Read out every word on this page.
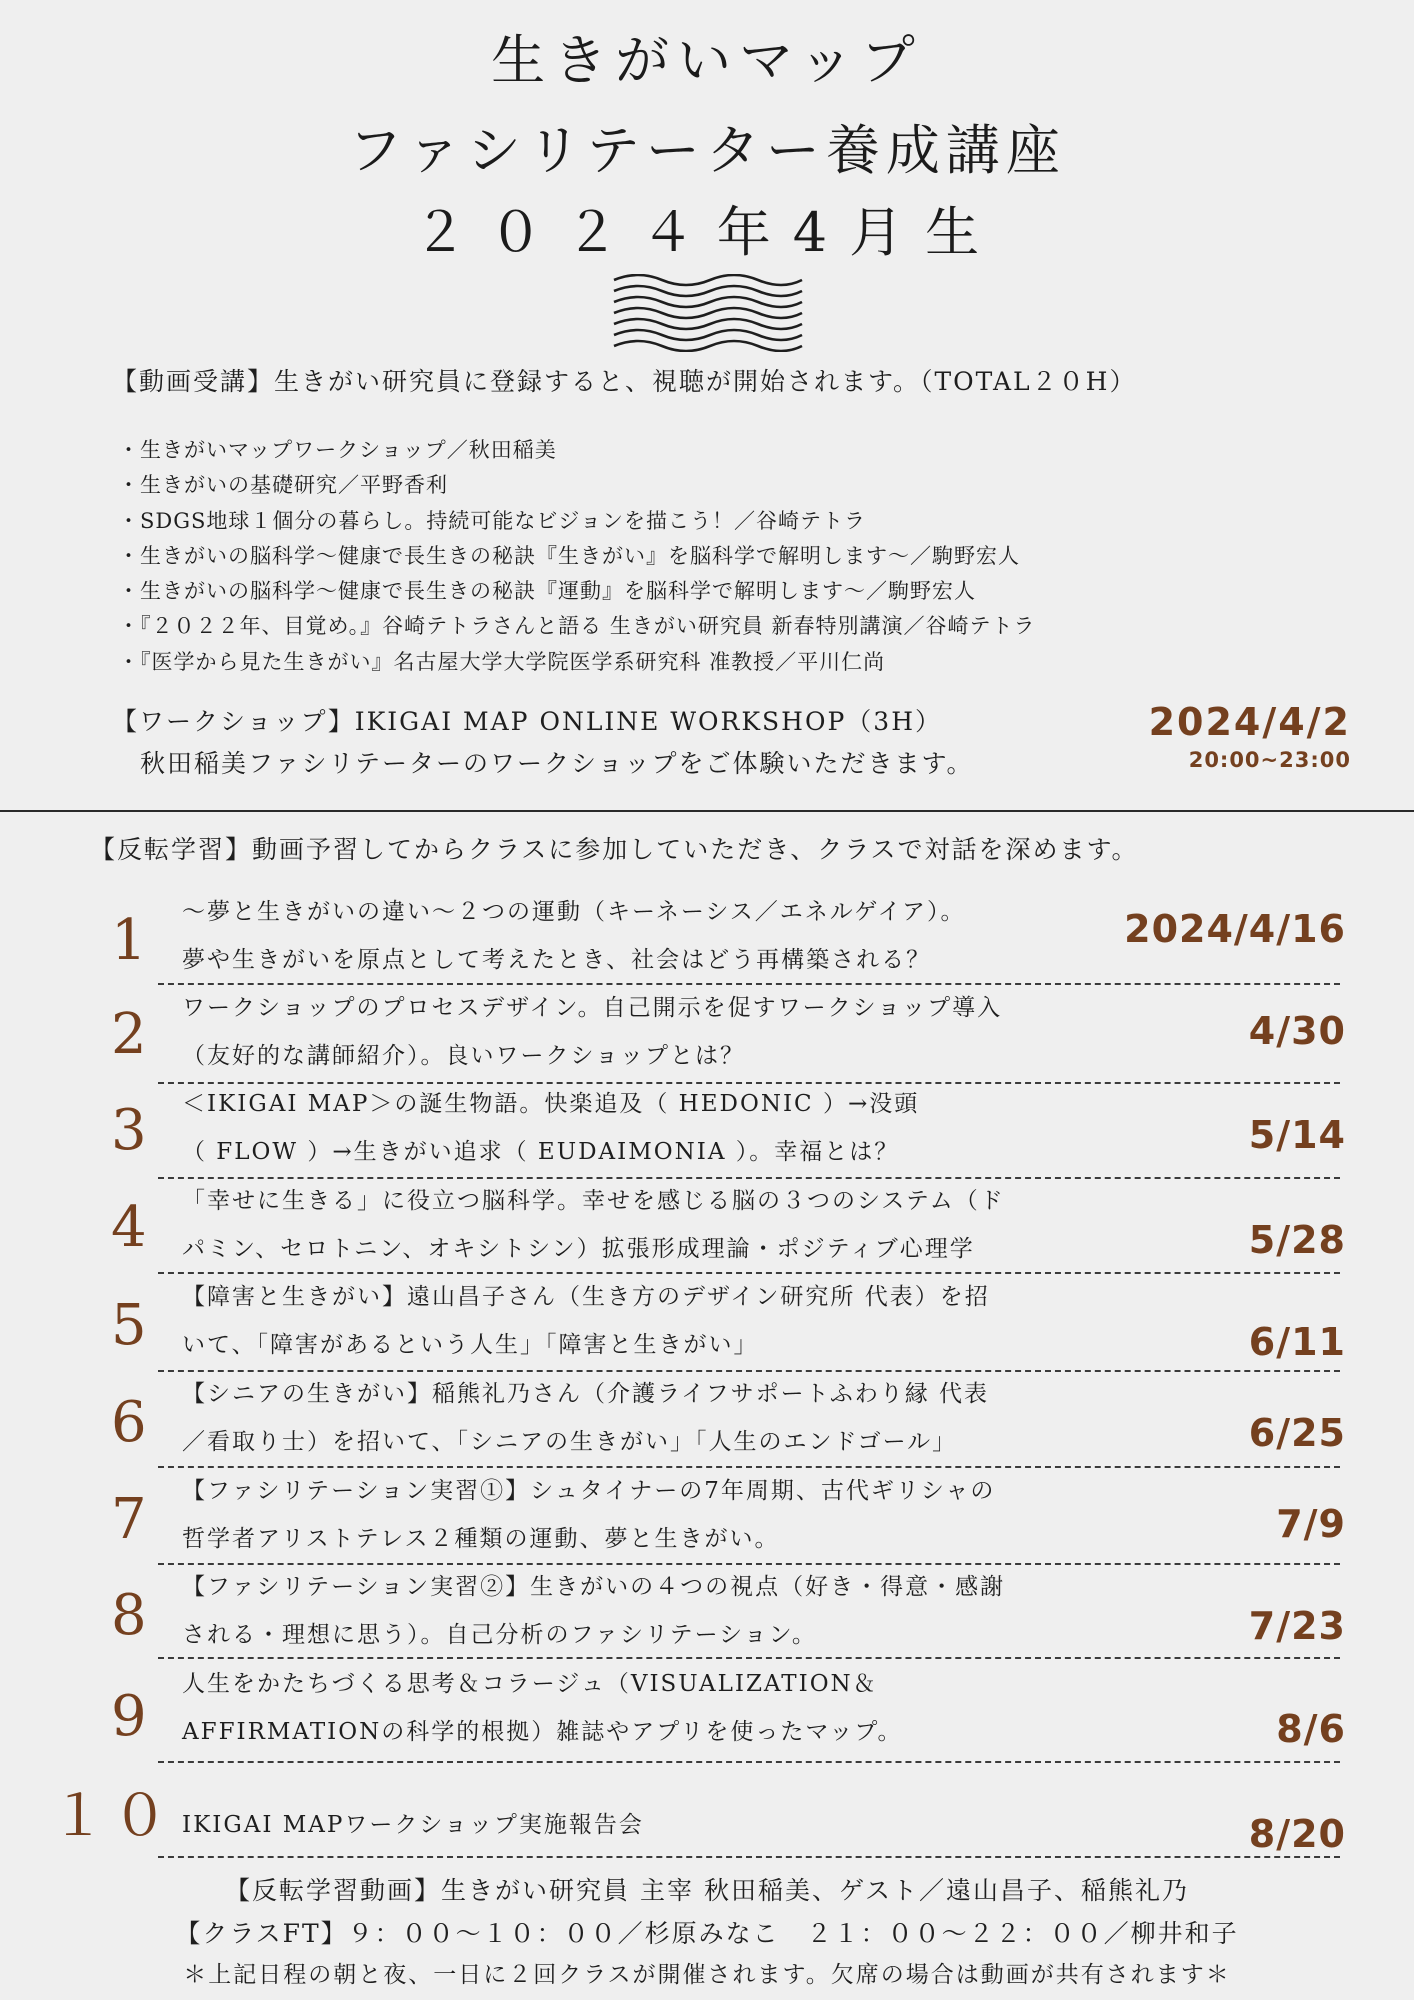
生きがいマップ
ファシリテーター養成講座
２０２４年4月生
【動画受講】生きがい研究員に登録すると、視聴が開始されます。（TOTAL２０H）
・生きがいマップワークショップ／秋田稲美
・生きがいの基礎研究／平野香利
・SDGS地球１個分の暮らし。持続可能なビジョンを描こう！／谷崎テトラ
・生きがいの脳科学〜健康で長生きの秘訣『生きがい』を脳科学で解明します〜／駒野宏人
・生きがいの脳科学〜健康で長生きの秘訣『運動』を脳科学で解明します〜／駒野宏人
・『２０２２年、目覚め。』谷崎テトラさんと語る 生きがい研究員 新春特別講演／谷崎テトラ
・『医学から見た生きがい』名古屋大学大学院医学系研究科 准教授／平川仁尚
【ワークショップ】IKIGAI MAP ONLINE WORKSHOP（3H）
秋田稲美ファシリテーターのワークショップをご体験いただきます。
2024/4/2
20:00~23:00
【反転学習】動画予習してからクラスに参加していただき、クラスで対話を深めます。
1 〜夢と生きがいの違い〜２つの運動（キーネーシス／エネルゲイア）。
夢や生きがいを原点として考えたとき、社会はどう再構築される？
2024/4/16
2 ワークショップのプロセスデザイン。自己開示を促すワークショップ導入
（友好的な講師紹介）。良いワークショップとは？
4/30
3 ＜IKIGAI MAP＞の誕生物語。快楽追及（ HEDONIC ）→没頭
（ FLOW ）→生きがい追求（ EUDAIMONIA ）。幸福とは？	5/14
4 「幸せに生きる」に役立つ脳科学。幸せを感じる脳の３つのシステム（ド
パミン、セロトニン、オキシトシン）拡張形成理論・ポジティブ心理学	5/28
5 【障害と生きがい】遠山昌子さん（生き方のデザイン研究所 代表）を招
いて、「障害があるという人生」「障害と生きがい」	6/11
6 【シニアの生きがい】稲熊礼乃さん（介護ライフサポートふわり縁 代表
／看取り士）を招いて、「シニアの生きがい」「人生のエンドゴール」	6/25
7 【ファシリテーション実習①】シュタイナーの7年周期、古代ギリシャの
哲学者アリストテレス２種類の運動、夢と生きがい。	7/9
8 【ファシリテーション実習②】生きがいの４つの視点（好き・得意・感謝
される・理想に思う）。自己分析のファシリテーション。	7/23
9 人生をかたちづくる思考＆コラージュ（VISUALIZATION＆
AFFIRMATIONの科学的根拠）雑誌やアプリを使ったマップ。	8/6
１０ IKIGAI MAPワークショップ実施報告会	8/20
【反転学習動画】生きがい研究員 主宰 秋田稲美、ゲスト／遠山昌子、稲熊礼乃
【クラスFT】９：００〜１０：００／杉原みなこ　２１：００〜２２：００／柳井和子
＊上記日程の朝と夜、一日に２回クラスが開催されます。欠席の場合は動画が共有されます＊
